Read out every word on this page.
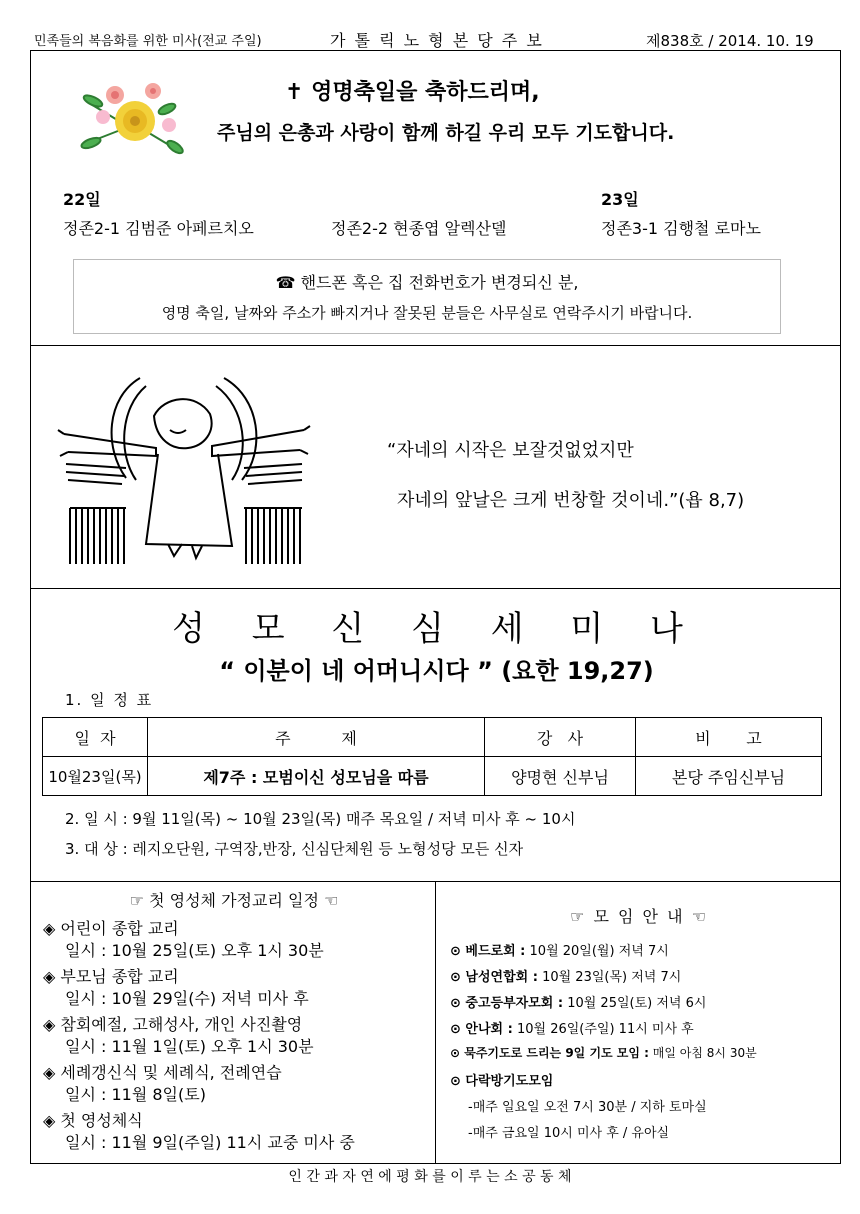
민족들의 복음화를 위한 미사(전교 주일)	가 톨 릭 노 형 본 당 주 보	제838호 / 2014. 10. 19
✝ 영명축일을 축하드리며,
주님의 은총과 사랑이 함께 하길 우리 모두 기도합니다.
22일	23일
정존2-1 김범준 아페르치오	정존2-2 현종엽 알렉산델	정존3-1 김행철 로마노
☎ 핸드폰 혹은 집 전화번호가 변경되신 분,
영명 축일, 날짜와 주소가 빠지거나 잘못된 분들은 사무실로 연락주시기 바랍니다.
“자네의 시작은 보잘것없었지만
자네의 앞날은 크게 번창할 것이네.”(욥 8,7)
성 모 신 심 세 미 나
“ 이분이 네 어머니시다 ” (요한 19,27)
1. 일 정 표
일  자	주          제	강   사	비       고
10월23일(목)	제7주 : 모범이신 성모님을 따름	양명현 신부님	본당 주임신부님
2. 일 시 : 9월 11일(목) ~ 10월 23일(목) 매주 목요일 / 저녁 미사 후 ~ 10시
3. 대 상 : 레지오단원, 구역장,반장, 신심단체원 등 노형성당 모든 신자
☞ 첫 영성체 가정교리 일정 ☜
◈ 어린이 종합 교리
일시 : 10월 25일(토) 오후 1시 30분
◈ 부모님 종합 교리
일시 : 10월 29일(수) 저녁 미사 후
◈ 참회예절, 고해성사, 개인 사진촬영
일시 : 11월 1일(토) 오후 1시 30분
◈ 세례갱신식 및 세례식, 전례연습
일시 : 11월 8일(토)
◈ 첫 영성체식
일시 : 11월 9일(주일) 11시 교중 미사 중
☞ 모 임 안 내 ☜
⊙ 베드로회 : 10월 20일(월) 저녁 7시
⊙ 남성연합회 : 10월 23일(목) 저녁 7시
⊙ 중고등부자모회 : 10월 25일(토) 저녁 6시
⊙ 안나회 : 10월 26일(주일) 11시 미사 후
⊙ 묵주기도로 드리는 9일 기도 모임 : 매일 아침 8시 30분
⊙ 다락방기도모임
-매주 일요일 오전 7시 30분 / 지하 토마실
-매주 금요일 10시 미사 후 / 유아실
인 간 과 자 연 에 평 화 를 이 루 는 소 공 동 체
